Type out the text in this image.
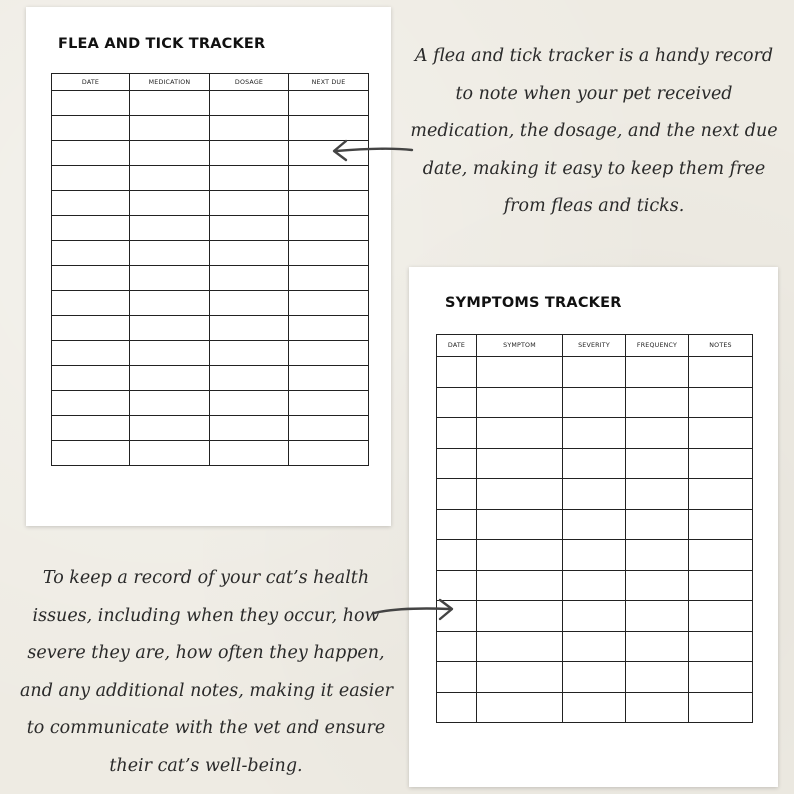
FLEA AND TICK TRACKER
DATE	MEDICATION	DOSAGE	NEXT DUE

SYMPTOMS TRACKER
DATE	SYMPTOM	SEVERITY	FREQUENCY	NOTES

A flea and tick tracker is a handy record
to note when your pet received
medication, the dosage, and the next due
date, making it easy to keep them free
from fleas and ticks.
To keep a record of your cat’s health
issues, including when they occur, how
severe they are, how often they happen,
and any additional notes, making it easier
to communicate with the vet and ensure
their cat’s well-being.
